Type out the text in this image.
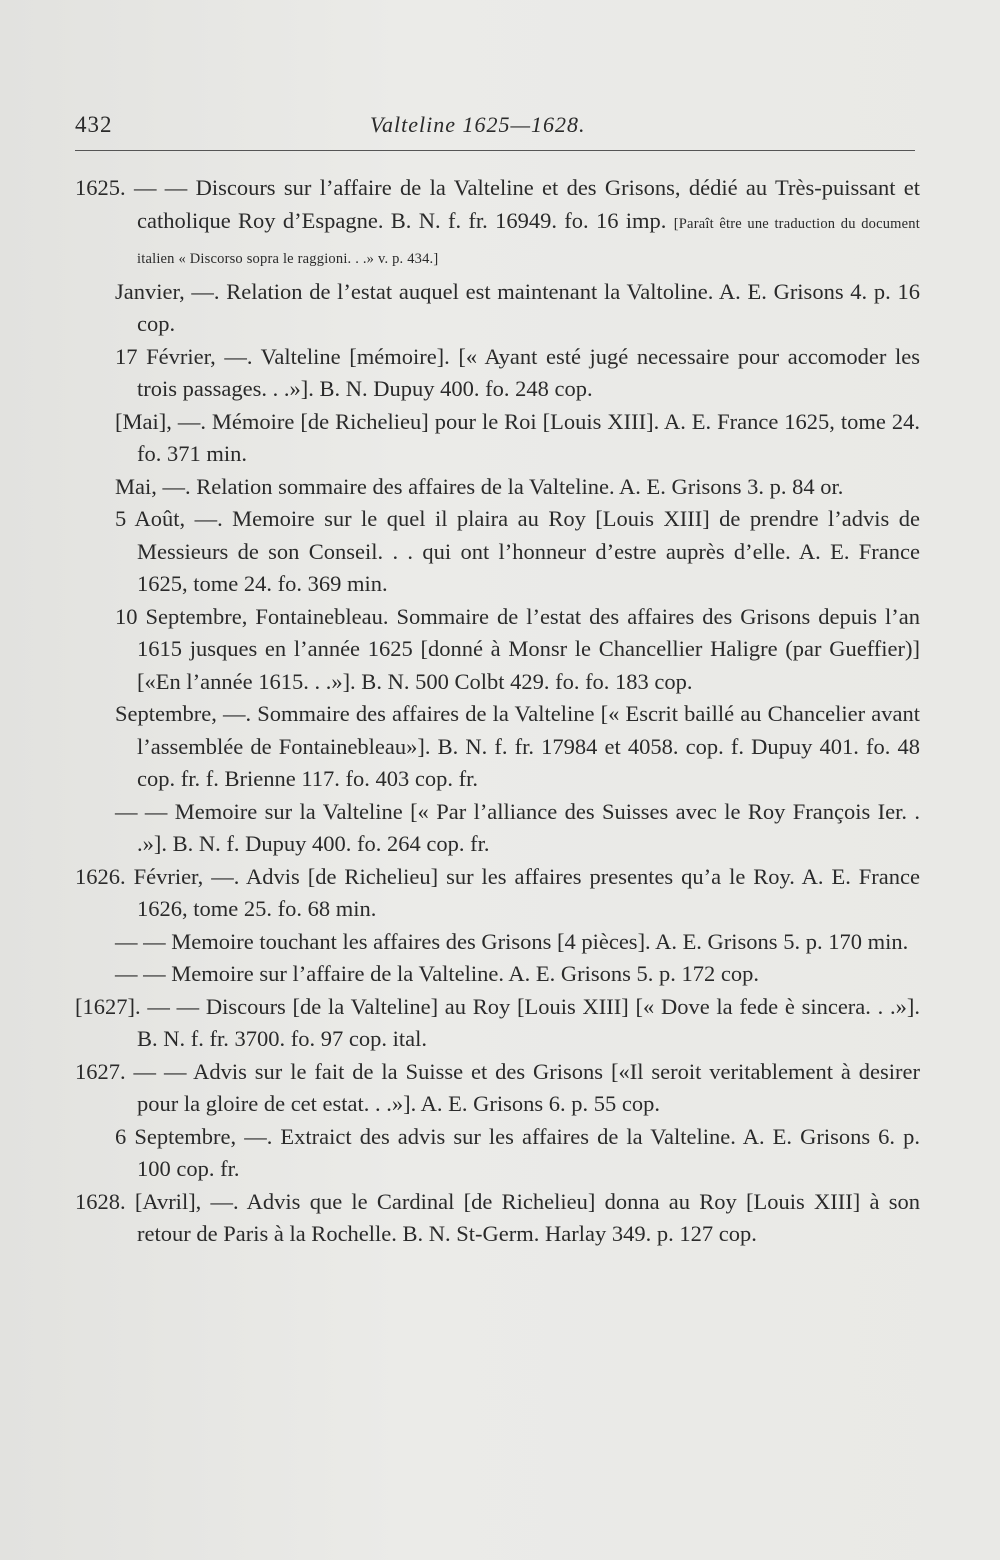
432	Valteline 1625—1628.

1625. — — Discours sur l’affaire de la Valteline et des Grisons, dédié au Très-puissant et catholique Roy d’Espagne. B. N. f. fr. 16949. fo. 16 imp. [Paraît être une traduction du document italien « Discorso sopra le raggioni. . .» v. p. 434.]

Janvier, —. Relation de l’estat auquel est maintenant la Valtoline. A. E. Grisons 4. p. 16 cop.

17 Février, —. Valteline [mémoire]. [« Ayant esté jugé necessaire pour accomoder les trois passages. . .»]. B. N. Dupuy 400. fo. 248 cop.

[Mai], —. Mémoire [de Richelieu] pour le Roi [Louis XIII]. A. E. France 1625, tome 24. fo. 371 min.

Mai, —. Relation sommaire des affaires de la Valteline. A. E. Grisons 3. p. 84 or.

5 Août, —. Memoire sur le quel il plaira au Roy [Louis XIII] de prendre l’advis de Messieurs de son Conseil. . . qui ont l’honneur d’estre auprès d’elle. A. E. France 1625, tome 24. fo. 369 min.

10 Septembre, Fontainebleau. Sommaire de l’estat des affaires des Grisons depuis l’an 1615 jusques en l’année 1625 [donné à Monsr le Chancellier Haligre (par Gueffier)] [«En l’année 1615. . .»]. B. N. 500 Colbt 429. fo. fo. 183 cop.

Septembre, —. Sommaire des affaires de la Valteline [« Escrit baillé au Chancelier avant l’assemblée de Fontainebleau»]. B. N. f. fr. 17984 et 4058. cop. f. Dupuy 401. fo. 48 cop. fr. f. Brienne 117. fo. 403 cop. fr.

— — Memoire sur la Valteline [« Par l’alliance des Suisses avec le Roy François Ier. . .»]. B. N. f. Dupuy 400. fo. 264 cop. fr.

1626. Février, —. Advis [de Richelieu] sur les affaires presentes qu’a le Roy. A. E. France 1626, tome 25. fo. 68 min.

— — Memoire touchant les affaires des Grisons [4 pièces]. A. E. Grisons 5. p. 170 min.

— — Memoire sur l’affaire de la Valteline. A. E. Grisons 5. p. 172 cop.

[1627]. — — Discours [de la Valteline] au Roy [Louis XIII] [« Dove la fede è sincera. . .»]. B. N. f. fr. 3700. fo. 97 cop. ital.

1627. — — Advis sur le fait de la Suisse et des Grisons [«Il seroit veritablement à desirer pour la gloire de cet estat. . .»]. A. E. Grisons 6. p. 55 cop.

6 Septembre, —. Extraict des advis sur les affaires de la Valteline. A. E. Grisons 6. p. 100 cop. fr.

1628. [Avril], —. Advis que le Cardinal [de Richelieu] donna au Roy [Louis XIII] à son retour de Paris à la Rochelle. B. N. St-Germ. Harlay 349. p. 127 cop.
